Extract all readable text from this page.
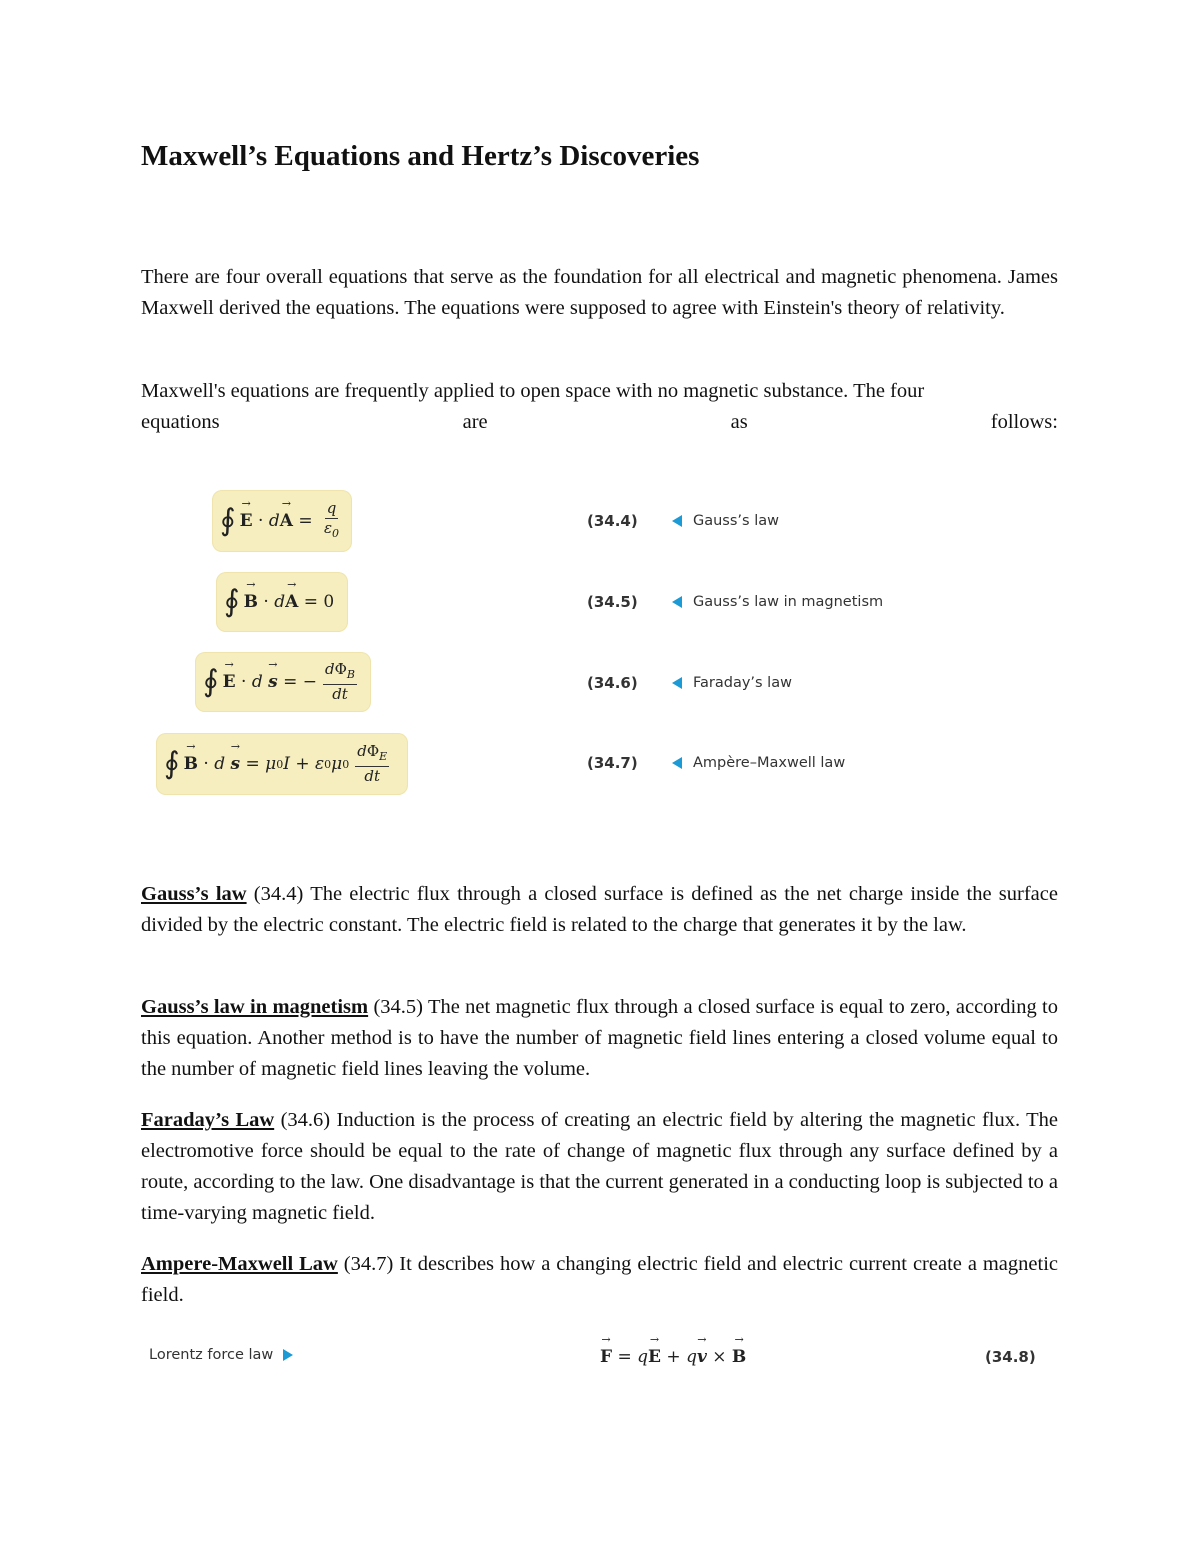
Maxwell’s Equations and Hertz’s Discoveries

There are four overall equations that serve as the foundation for all electrical and magnetic phenomena. James Maxwell derived the equations. The equations were supposed to agree with Einstein's theory of relativity.

Maxwell's equations are frequently applied to open space with no magnetic substance. The four

equations	are	as	follows:
∮
→ E · d
→ $A = \frac{q}{\varepsilon_0}$	(34.4)	Gauss’s law
∮
→ B · d
→ A = 0	(34.5)	Gauss’s law in magnetism
∮
→ E · d

→ s = − $\frac{d\Phi_B}{dt}$	(34.6)	Faraday’s law
∮
→ B · d

→ s = μ 0 I + ε 0 μ $0 \frac{d\Phi_E}{dt}$	(34.7)	Ampère–Maxwell law

Gauss’s law (34.4) The electric flux through a closed surface is defined as the net charge inside the surface divided by the electric constant. The electric field is related to the charge that generates it by the law.

Gauss’s law in magnetism (34.5) The net magnetic flux through a closed surface is equal to zero, according to this equation. Another method is to have the number of magnetic field lines entering a closed volume equal to the number of magnetic field lines leaving the volume.

Faraday’s Law (34.6) Induction is the process of creating an electric field by altering the magnetic flux. The electromotive force should be equal to the rate of change of magnetic flux through any surface defined by a route, according to the law. One disadvantage is that the current generated in a conducting loop is subjected to a time-varying magnetic field.

Ampere-Maxwell Law (34.7) It describes how a changing electric field and electric current create a magnetic field.

Lorentz force law
→	F = q→ E + q→ v × → B	(34.8)
